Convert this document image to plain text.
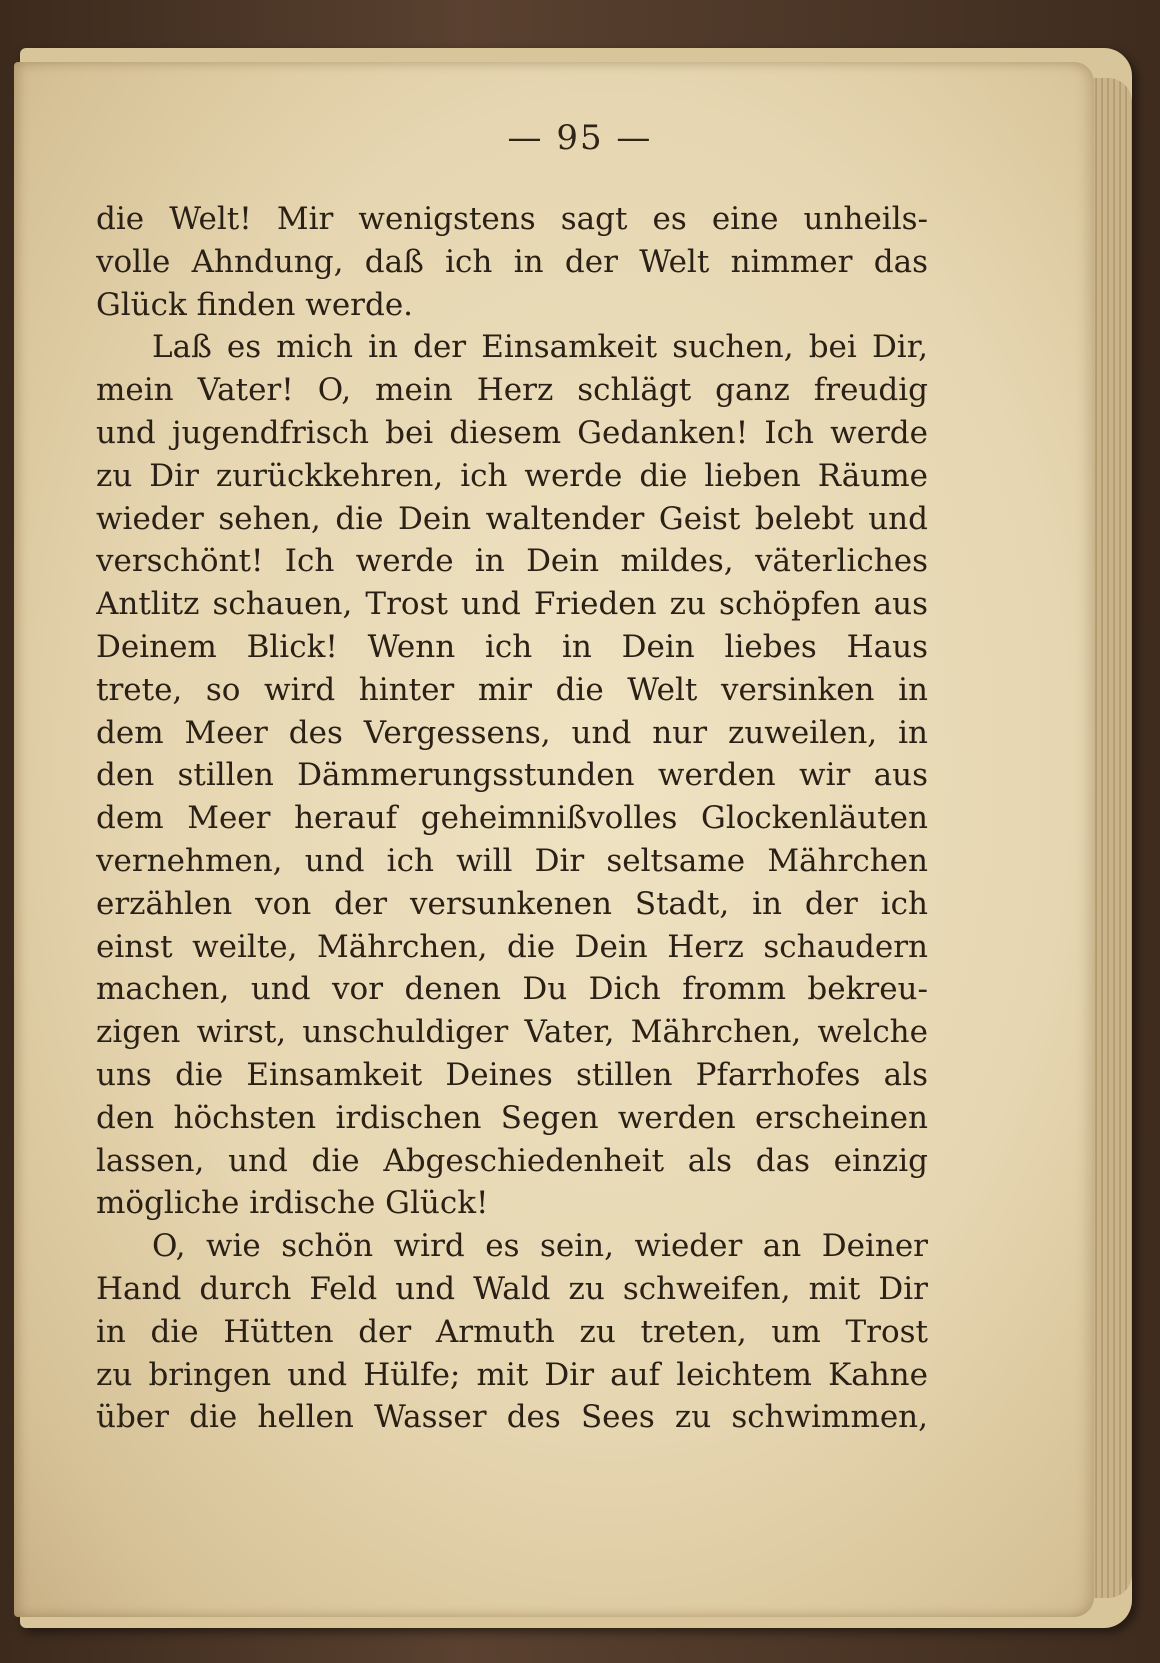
— 95 —
die Welt! Mir wenigstens sagt es eine unheils-
volle Ahndung, daß ich in der Welt nimmer das
Glück finden werde.
Laß es mich in der Einsamkeit suchen, bei Dir,
mein Vater! O, mein Herz schlägt ganz freudig
und jugendfrisch bei diesem Gedanken! Ich werde
zu Dir zurückkehren, ich werde die lieben Räume
wieder sehen, die Dein waltender Geist belebt und
verschönt! Ich werde in Dein mildes, väterliches
Antlitz schauen, Trost und Frieden zu schöpfen aus
Deinem Blick! Wenn ich in Dein liebes Haus
trete, so wird hinter mir die Welt versinken in
dem Meer des Vergessens, und nur zuweilen, in
den stillen Dämmerungsstunden werden wir aus
dem Meer herauf geheimnißvolles Glockenläuten
vernehmen, und ich will Dir seltsame Mährchen
erzählen von der versunkenen Stadt, in der ich
einst weilte, Mährchen, die Dein Herz schaudern
machen, und vor denen Du Dich fromm bekreu-
zigen wirst, unschuldiger Vater, Mährchen, welche
uns die Einsamkeit Deines stillen Pfarrhofes als
den höchsten irdischen Segen werden erscheinen
lassen, und die Abgeschiedenheit als das einzig
mögliche irdische Glück!
O, wie schön wird es sein, wieder an Deiner
Hand durch Feld und Wald zu schweifen, mit Dir
in die Hütten der Armuth zu treten, um Trost
zu bringen und Hülfe; mit Dir auf leichtem Kahne
über die hellen Wasser des Sees zu schwimmen,
